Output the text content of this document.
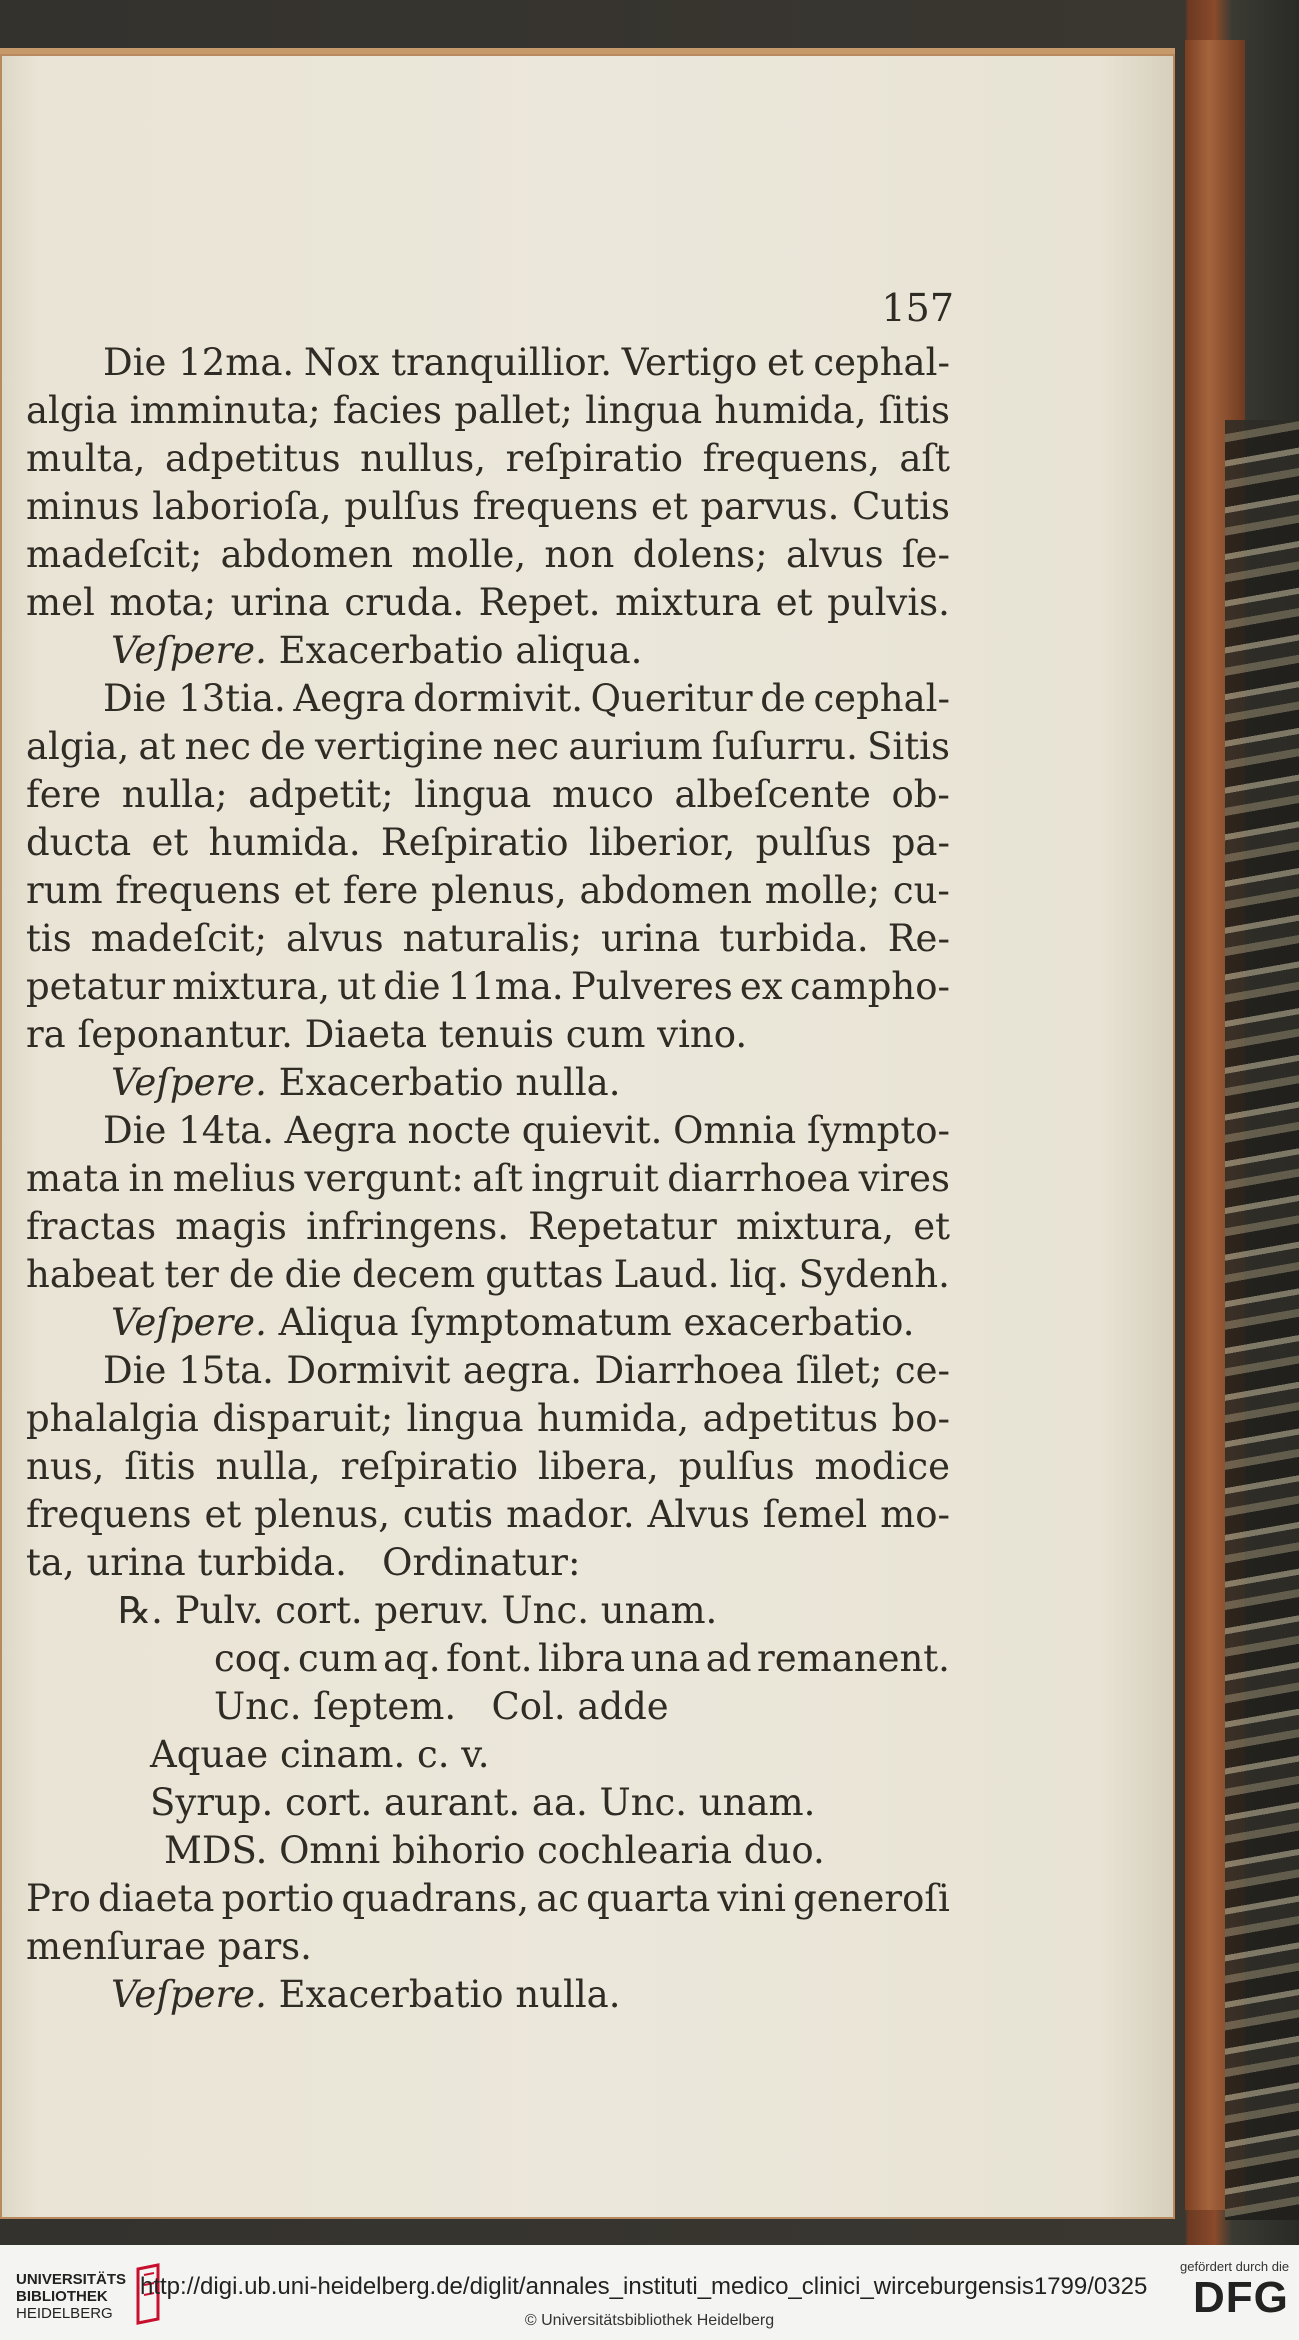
157
Die 12ma. Nox tranquillior. Vertigo et cephal-
algia imminuta; facies pallet; lingua humida, ſitis
multa, adpetitus nullus, reſpiratio frequens, aſt
minus laborioſa, pulſus frequens et parvus. Cutis
madeſcit; abdomen molle, non dolens; alvus ſe-
mel mota; urina cruda. Repet. mixtura et pulvis.
Veſpere. Exacerbatio aliqua.
Die 13tia. Aegra dormivit. Queritur de cephal-
algia, at nec de vertigine nec aurium ſuſurru. Sitis
fere nulla; adpetit; lingua muco albeſcente ob-
ducta et humida. Reſpiratio liberior, pulſus pa-
rum frequens et fere plenus, abdomen molle; cu-
tis madeſcit; alvus naturalis; urina turbida. Re-
petatur mixtura, ut die 11ma. Pulveres ex campho-
ra ſeponantur. Diaeta tenuis cum vino.
Veſpere. Exacerbatio nulla.
Die 14ta. Aegra nocte quievit. Omnia ſympto-
mata in melius vergunt: aſt ingruit diarrhoea vires
fractas magis infringens. Repetatur mixtura, et
habeat ter de die decem guttas Laud. liq. Sydenh.
Veſpere. Aliqua ſymptomatum exacerbatio.
Die 15ta. Dormivit aegra. Diarrhoea ſilet; ce-
phalalgia disparuit; lingua humida, adpetitus bo-
nus, ſitis nulla, reſpiratio libera, pulſus modice
frequens et plenus, cutis mador. Alvus ſemel mo-
ta, urina turbida. Ordinatur:
℞. Pulv. cort. peruv. Unc. unam.
coq. cum aq. font. libra una ad remanent.
Unc. ſeptem. Col. adde
Aquae cinam. c. v.
Syrup. cort. aurant. aa. Unc. unam.
MDS. Omni bihorio cochlearia duo.
Pro diaeta portio quadrans, ac quarta vini generoſi
menſurae pars.
Veſpere. Exacerbatio nulla.
UNIVERSITÄTS
BIBLIOTHEK
HEIDELBERG
http://digi.ub.uni-heidelberg.de/diglit/annales_instituti_medico_clinici_wirceburgensis1799/0325
© Universitätsbibliothek Heidelberg
gefördert durch die
DFG
